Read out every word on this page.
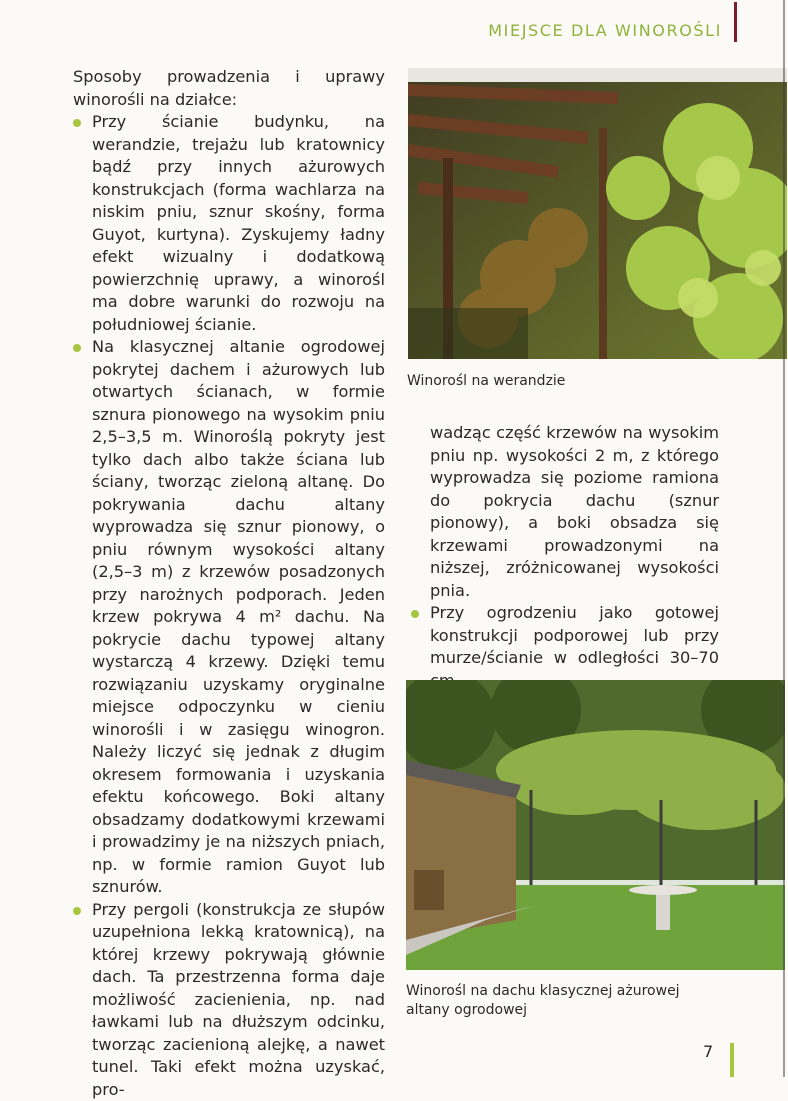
MIEJSCE DLA WINOROŚLI

Sposoby prowadzenia i uprawy winorośli na działce:

Przy ścianie budynku, na werandzie, trejażu lub kratownicy bądź przy innych ażurowych konstrukcjach (forma wachlarza na niskim pniu, sznur skośny, forma Guyot, kurtyna). Zyskujemy ładny efekt wizualny i dodatkową powierzchnię uprawy, a winorośl ma dobre warunki do rozwoju na południowej ścianie.
Na klasycznej altanie ogrodowej pokrytej dachem i ażurowych lub otwartych ścianach, w formie sznura pionowego na wysokim pniu 2,5–3,5 m. Winoroślą pokryty jest tylko dach albo także ściana lub ściany, tworząc zieloną altanę. Do pokrywania dachu altany wyprowadza się sznur pionowy, o pniu równym wysokości altany (2,5–3 m) z krzewów posadzonych przy narożnych podporach. Jeden krzew pokrywa 4 m² dachu. Na pokrycie dachu typowej altany wystarczą 4 krzewy. Dzięki temu rozwiązaniu uzyskamy oryginalne miejsce odpoczynku w cieniu winorośli i w zasięgu winogron. Należy liczyć się jednak z długim okresem formowania i uzyskania efektu końcowego. Boki altany obsadzamy dodatkowymi krzewami i prowadzimy je na niższych pniach, np. w formie ramion Guyot lub sznurów.
Przy pergoli (konstrukcja ze słupów uzupełniona lekką kratownicą), na której krzewy pokrywają głównie dach. Ta przestrzenna forma daje możliwość zacienienia, np. nad ławkami lub na dłuższym odcinku, tworząc zacienioną alejkę, a nawet tunel. Taki efekt można uzyskać, pro-
Winorośl na werandzie

wadząc część krzewów na wysokim pniu np. wysokości 2 m, z którego wyprowadza się poziome ramiona do pokrycia dachu (sznur pionowy), a boki obsadza się krzewami prowadzonymi na niższej, zróżnicowanej wysokości pnia.

Przy ogrodzeniu jako gotowej konstrukcji podporowej lub przy murze/ścianie w odległości 30–70
Winorośl na dachu klasycznej ażurowej altany ogrodowej
7
